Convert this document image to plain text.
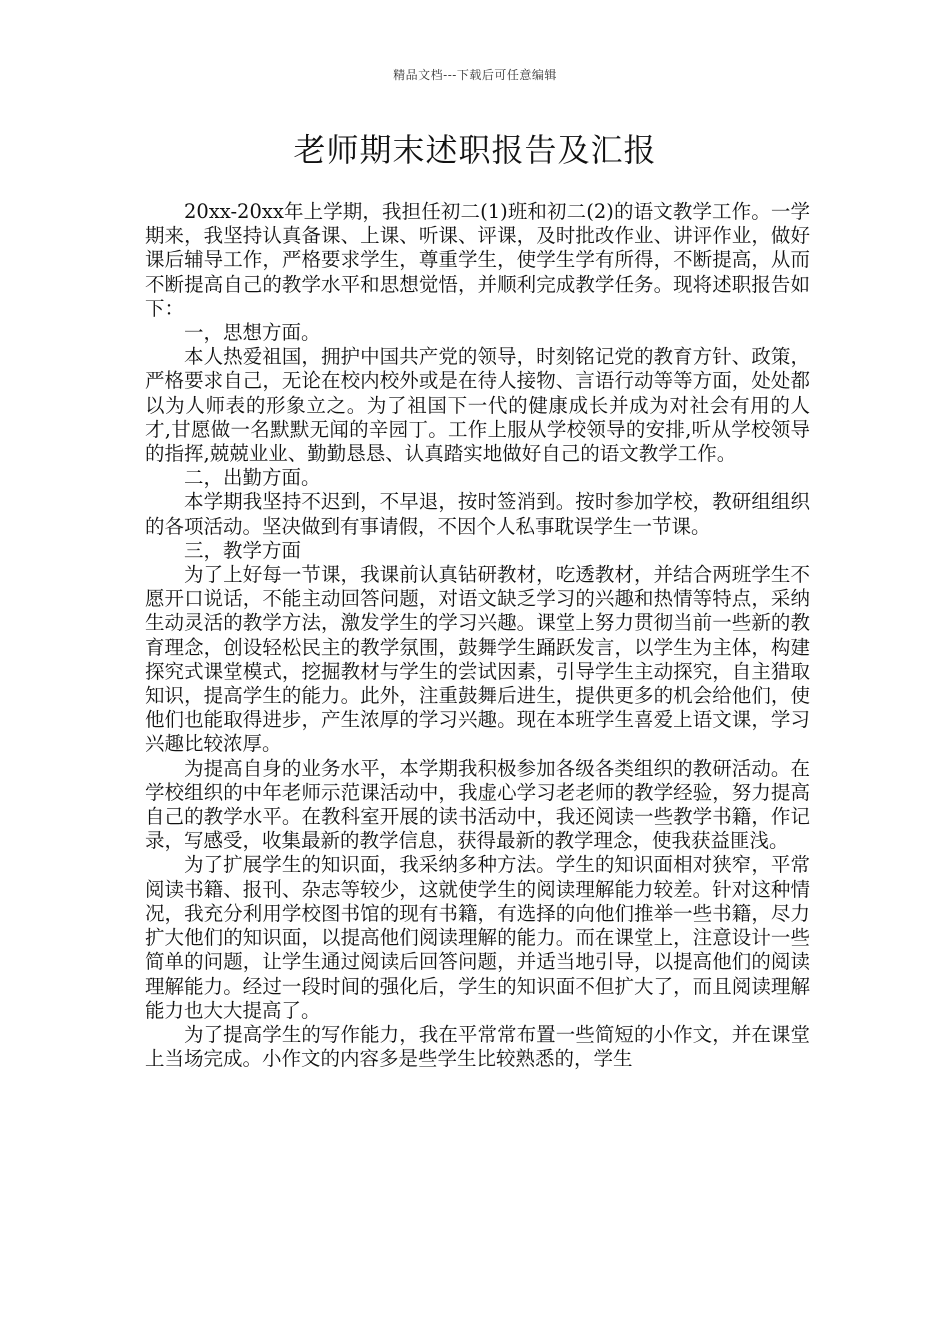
精品文档---下载后可任意编辑
老师期末述职报告及汇报

20xx-20xx年上学期，我担任初二(1)班和初二(2)的语文教学工作。一学期来，我坚持认真备课、上课、听课、评课，及时批改作业、讲评作业，做好课后辅导工作，严格要求学生，尊重学生，使学生学有所得，不断提高，从而不断提高自己的教学水平和思想觉悟，并顺利完成教学任务。现将述职报告如下：

一，思想方面。

本人热爱祖国，拥护中国共产党的领导，时刻铭记党的教育方针、政策，严格要求自己，无论在校内校外或是在待人接物、言语行动等等方面，处处都以为人师表的形象立之。为了祖国下一代的健康成长并成为对社会有用的人才,甘愿做一名默默无闻的辛园丁。工作上服从学校领导的安排,听从学校领导的指挥,兢兢业业、勤勤恳恳、认真踏实地做好自己的语文教学工作。

二，出勤方面。

本学期我坚持不迟到，不早退，按时签消到。按时参加学校，教研组组织的各项活动。坚决做到有事请假，不因个人私事耽误学生一节课。

三，教学方面

为了上好每一节课，我课前认真钻研教材，吃透教材，并结合两班学生不愿开口说话，不能主动回答问题，对语文缺乏学习的兴趣和热情等特点，采纳生动灵活的教学方法，激发学生的学习兴趣。课堂上努力贯彻当前一些新的教育理念，创设轻松民主的教学氛围，鼓舞学生踊跃发言，以学生为主体，构建探究式课堂模式，挖掘教材与学生的尝试因素，引导学生主动探究，自主猎取知识，提高学生的能力。此外，注重鼓舞后进生，提供更多的机会给他们，使他们也能取得进步，产生浓厚的学习兴趣。现在本班学生喜爱上语文课，学习兴趣比较浓厚。

为提高自身的业务水平，本学期我积极参加各级各类组织的教研活动。在学校组织的中年老师示范课活动中，我虚心学习老老师的教学经验，努力提高自己的教学水平。在教科室开展的读书活动中，我还阅读一些教学书籍，作记录，写感受，收集最新的教学信息，获得最新的教学理念，使我获益匪浅。

为了扩展学生的知识面，我采纳多种方法。学生的知识面相对狭窄，平常阅读书籍、报刊、杂志等较少，这就使学生的阅读理解能力较差。针对这种情况，我充分利用学校图书馆的现有书籍，有选择的向他们推举一些书籍，尽力扩大他们的知识面，以提高他们阅读理解的能力。而在课堂上，注意设计一些简单的问题，让学生通过阅读后回答问题，并适当地引导，以提高他们的阅读理解能力。经过一段时间的强化后，学生的知识面不但扩大了，而且阅读理解能力也大大提高了。

为了提高学生的写作能力，我在平常常布置一些简短的小作文，并在课堂上当场完成。小作文的内容多是些学生比较熟悉的，学生
